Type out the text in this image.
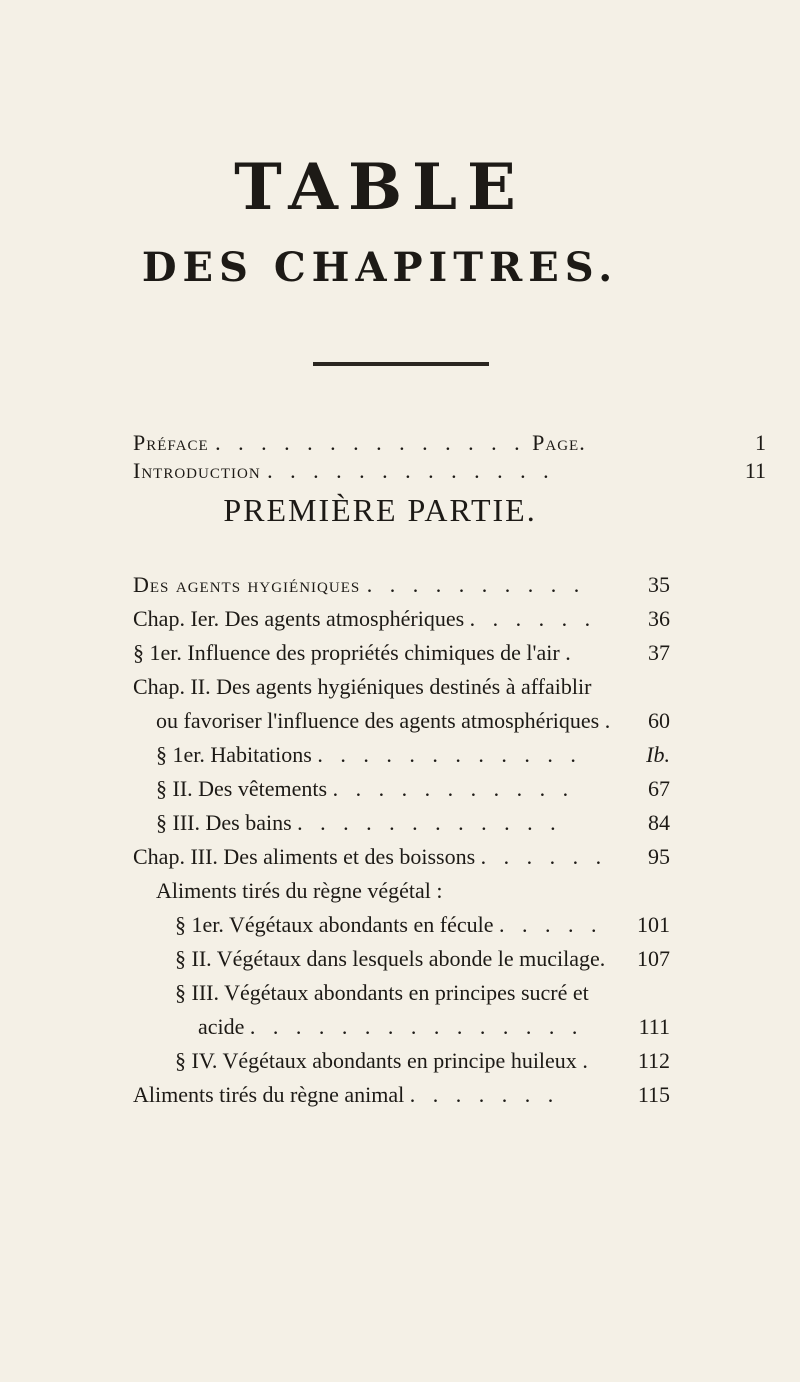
TABLE
DES CHAPITRES.
Préface . . . . . . . . . . . . . . Page.	1
Introduction . . . . . . . . . . . . .	11
PREMIÈRE PARTIE.
Des agents hygiéniques . . . . . . . . . .	35
Chap. Ier. Des agents atmosphériques . . . . . .	36
§ 1er. Influence des propriétés chimiques de l'air .	37
Chap. II. Des agents hygiéniques destinés à affaiblir
ou favoriser l'influence des agents atmosphériques .	60
§ 1er. Habitations . . . . . . . . . . . .	Ib.
§ II. Des vêtements . . . . . . . . . . .	67
§ III. Des bains . . . . . . . . . . . .	84
Chap. III. Des aliments et des boissons . . . . . .	95
Aliments tirés du règne végétal :
§ 1er. Végétaux abondants en fécule . . . . .	101
§ II. Végétaux dans lesquels abonde le mucilage.	107
§ III. Végétaux abondants en principes sucré et
acide . . . . . . . . . . . . . . .	111
§ IV. Végétaux abondants en principe huileux .	112
Aliments tirés du règne animal . . . . . . .	115
